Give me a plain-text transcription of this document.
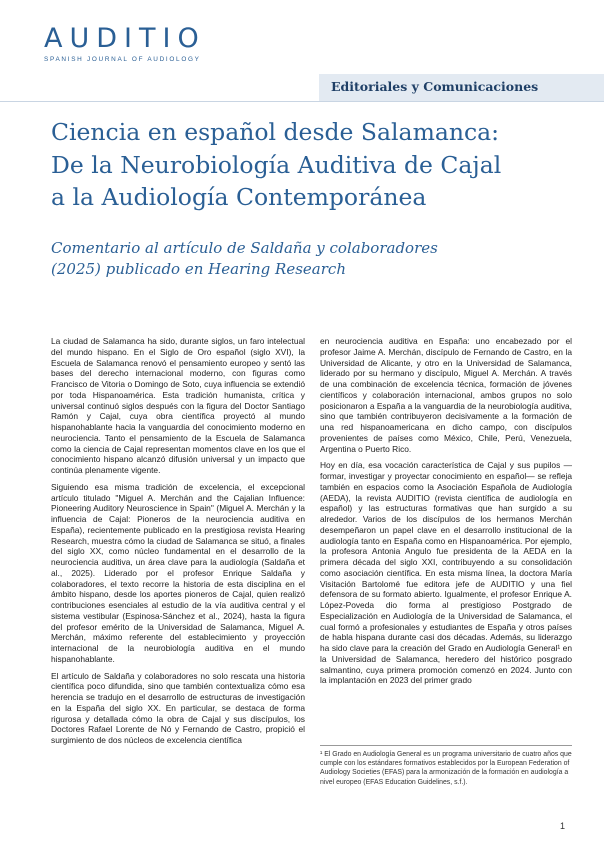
AUDITIO
SPANISH JOURNAL OF AUDIOLOGY
Editoriales y Comunicaciones
Ciencia en español desde Salamanca:
De la Neurobiología Auditiva de Cajal
a la Audiología Contemporánea
Comentario al artículo de Saldaña y colaboradores
(2025) publicado en Hearing Research

La ciudad de Salamanca ha sido, durante siglos, un faro intelectual del mundo hispano. En el Siglo de Oro español (siglo XVI), la Escuela de Salamanca renovó el pensamiento europeo y sentó las bases del derecho internacional moderno, con figuras como Francisco de Vitoria o Domingo de Soto, cuya influencia se extendió por toda Hispanoamérica. Esta tradición humanista, crítica y universal continuó siglos después con la figura del Doctor Santiago Ramón y Cajal, cuya obra científica proyectó al mundo hispanohablante hacia la vanguardia del conocimiento moderno en neurociencia. Tanto el pensamiento de la Escuela de Salamanca como la ciencia de Cajal representan momentos clave en los que el conocimiento hispano alcanzó difusión universal y un impacto que continúa plenamente vigente.

Siguiendo esa misma tradición de excelencia, el excepcional artículo titulado "Miguel A. Merchán and the Cajalian Influence: Pioneering Auditory Neuroscience in Spain" (Miguel A. Merchán y la influencia de Cajal: Pioneros de la neurociencia auditiva en España), recientemente publicado en la prestigiosa revista Hearing Research, muestra cómo la ciudad de Salamanca se situó, a finales del siglo XX, como núcleo fundamental en el desarrollo de la neurociencia auditiva, un área clave para la audiología (Saldaña et al., 2025). Liderado por el profesor Enrique Saldaña y colaboradores, el texto recorre la historia de esta disciplina en el ámbito hispano, desde los aportes pioneros de Cajal, quien realizó contribuciones esenciales al estudio de la vía auditiva central y el sistema vestibular (Espinosa-Sánchez et al., 2024), hasta la figura del profesor emérito de la Universidad de Salamanca, Miguel A. Merchán, máximo referente del establecimiento y proyección internacional de la neurobiología auditiva en el mundo hispanohablante.

El artículo de Saldaña y colaboradores no solo rescata una historia científica poco difundida, sino que también contextualiza cómo esa herencia se tradujo en el desarrollo de estructuras de investigación en la España del siglo XX. En particular, se destaca de forma rigurosa y detallada cómo la obra de Cajal y sus discípulos, los Doctores Rafael Lorente de Nó y Fernando de Castro, propició el surgimiento de dos núcleos de excelencia científica

en neurociencia auditiva en España: uno encabezado por el profesor Jaime A. Merchán, discípulo de Fernando de Castro, en la Universidad de Alicante, y otro en la Universidad de Salamanca, liderado por su hermano y discípulo, Miguel A. Merchán. A través de una combinación de excelencia técnica, formación de jóvenes científicos y colaboración internacional, ambos grupos no solo posicionaron a España a la vanguardia de la neurobiología auditiva, sino que también contribuyeron decisivamente a la formación de una red hispanoamericana en dicho campo, con discípulos provenientes de países como México, Chile, Perú, Venezuela, Argentina o Puerto Rico.

Hoy en día, esa vocación característica de Cajal y sus pupilos —formar, investigar y proyectar conocimiento en español— se refleja también en espacios como la Asociación Española de Audiología (AEDA), la revista AUDITIO (revista científica de audiología en español) y las estructuras formativas que han surgido a su alrededor. Varios de los discípulos de los hermanos Merchán desempeñaron un papel clave en el desarrollo institucional de la audiología tanto en España como en Hispanoamérica. Por ejemplo, la profesora Antonia Angulo fue presidenta de la AEDA en la primera década del siglo XXI, contribuyendo a su consolidación como asociación científica. En esta misma línea, la doctora María Visitación Bartolomé fue editora jefe de AUDITIO y una fiel defensora de su formato abierto. Igualmente, el profesor Enrique A. López-Poveda dio forma al prestigioso Postgrado de Especialización en Audiología de la Universidad de Salamanca, el cual formó a profesionales y estudiantes de España y otros países de habla hispana durante casi dos décadas. Además, su liderazgo ha sido clave para la creación del Grado en Audiología General¹ en la Universidad de Salamanca, heredero del histórico posgrado salmantino, cuya primera promoción comenzó en 2024. Junto con la implantación en 2023 del primer grado

¹ El Grado en Audiología General es un programa universitario de cuatro años que cumple con los estándares formativos establecidos por la European Federation of Audiology Societies (EFAS) para la armonización de la formación en audiología a nivel europeo (EFAS Education Guidelines, s.f.).

1
